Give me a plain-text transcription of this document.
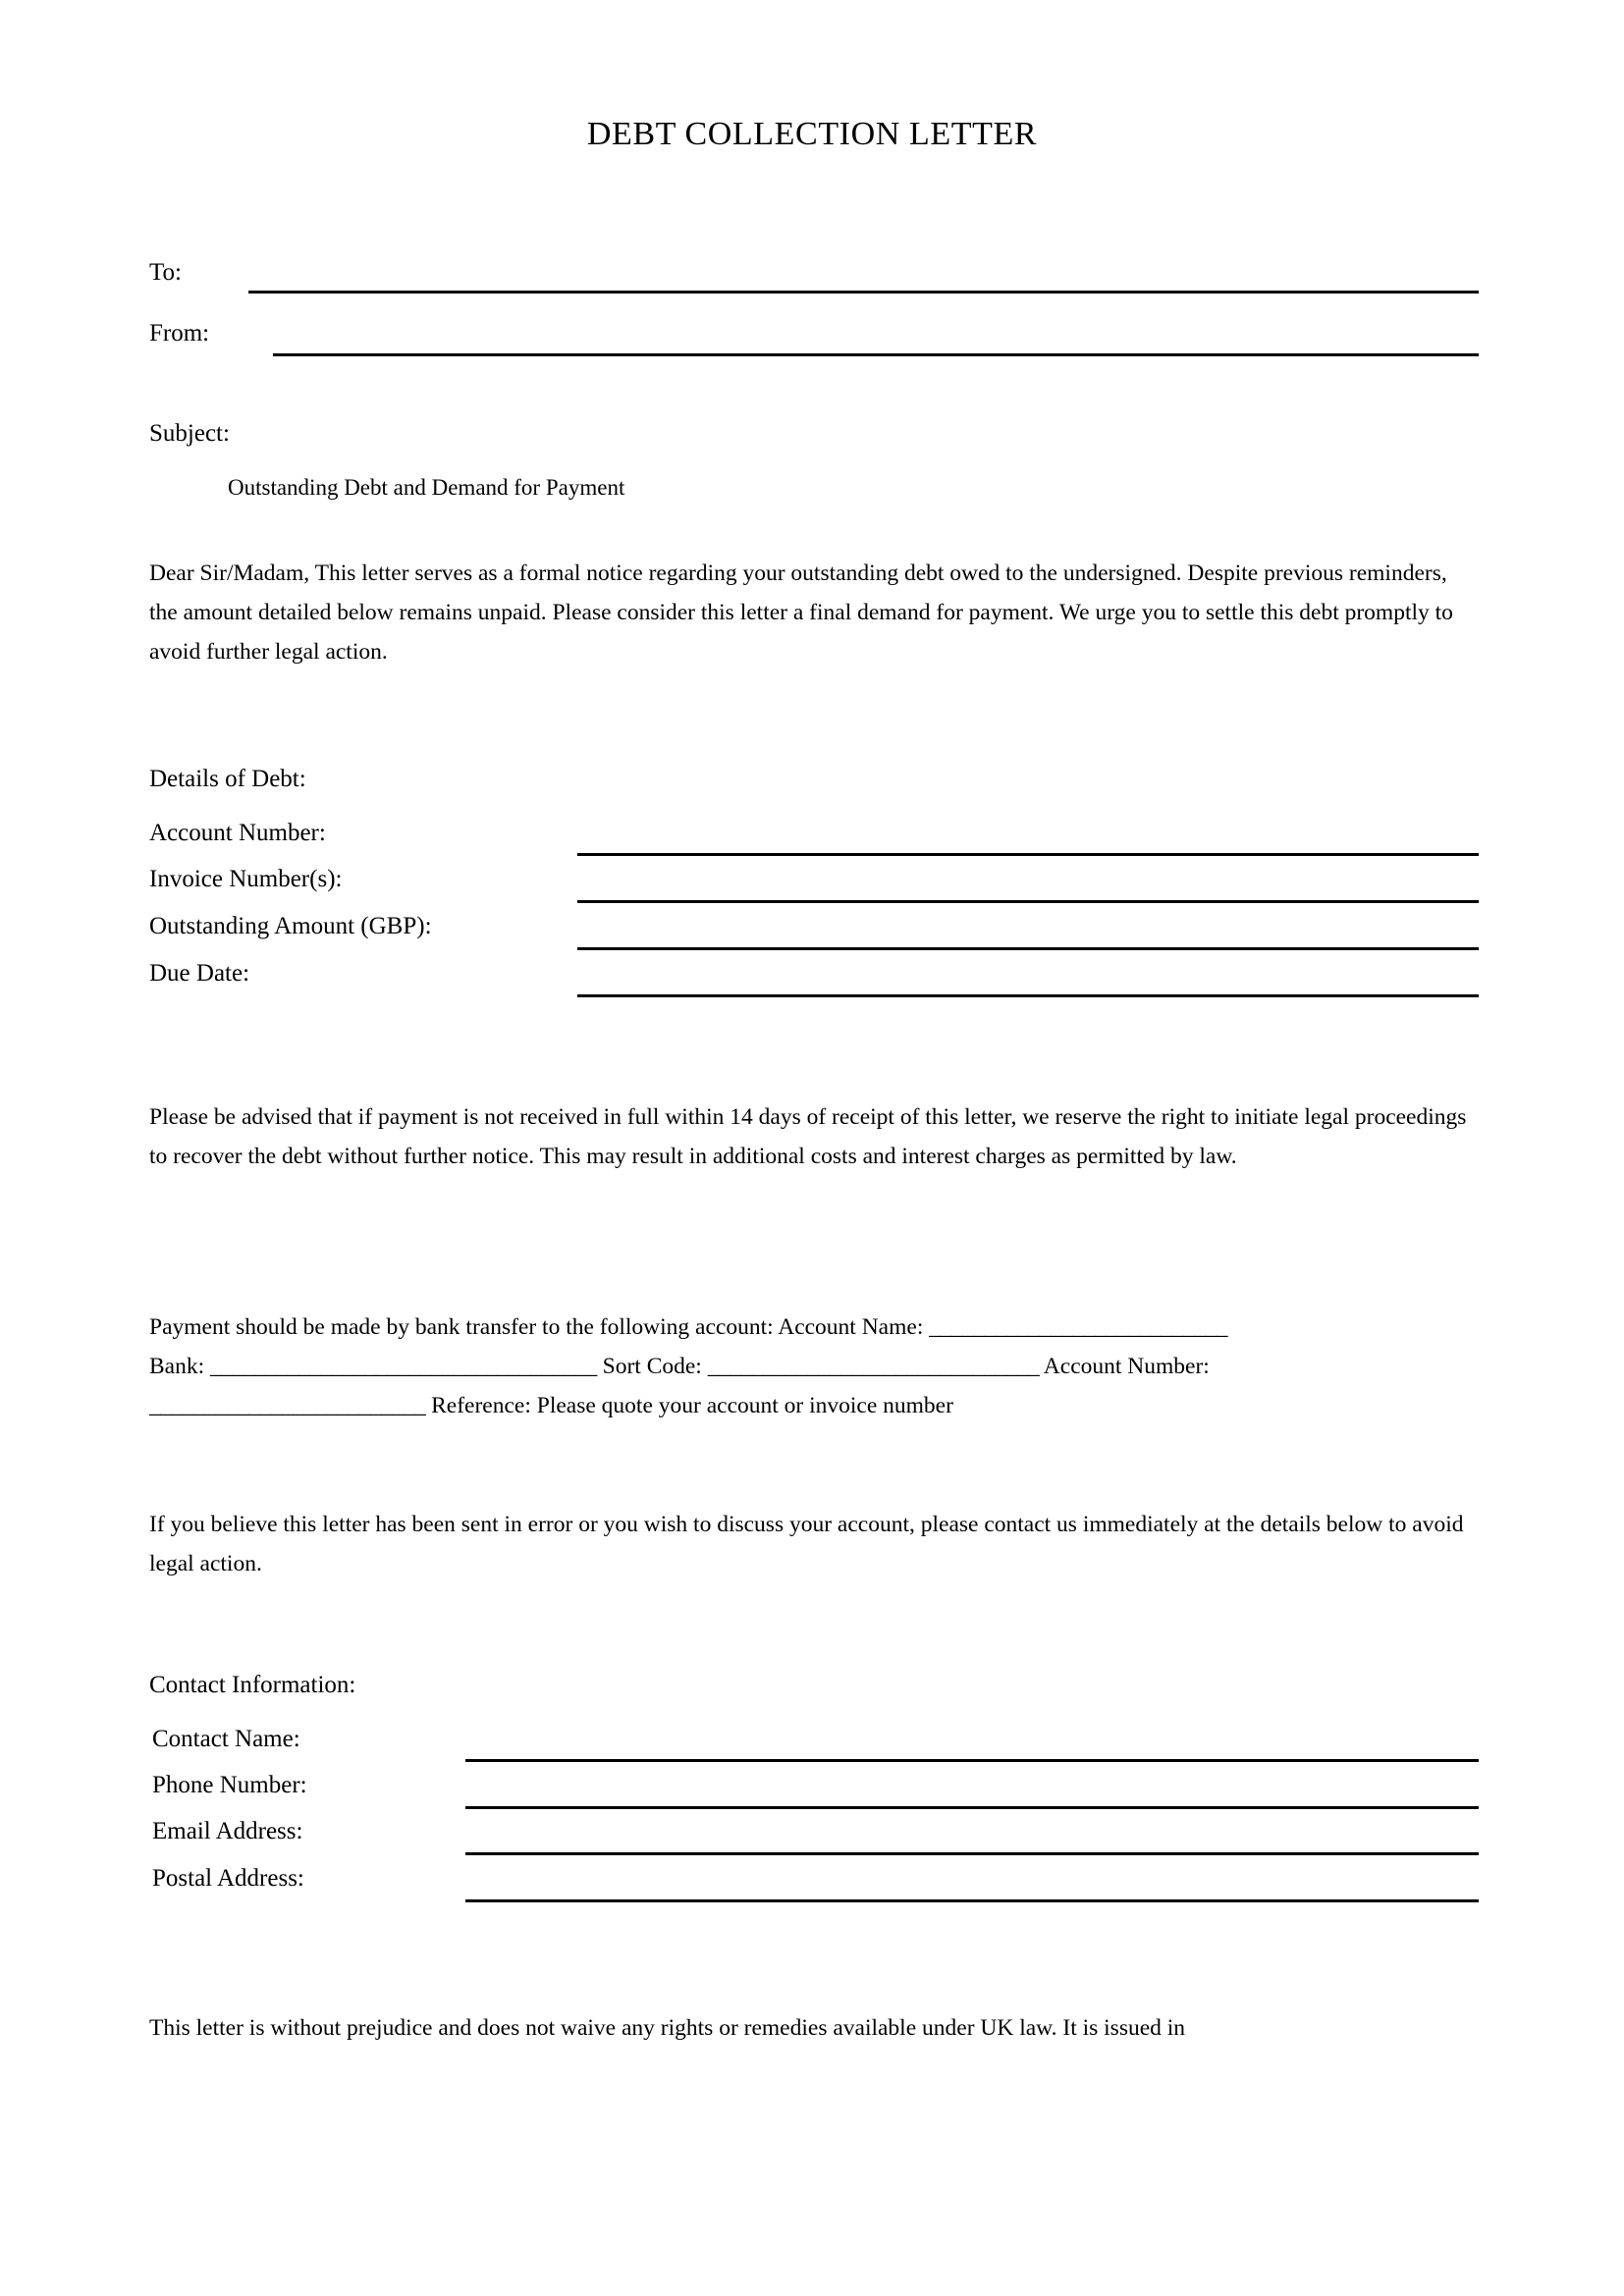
DEBT COLLECTION LETTER
To:
From:
Subject:
Outstanding Debt and Demand for Payment
Dear Sir/Madam, This letter serves as a formal notice regarding your outstanding debt owed to the undersigned. Despite previous reminders, the amount detailed below remains unpaid. Please consider this letter a final demand for payment. We urge you to settle this debt promptly to avoid further legal action.
Details of Debt:
Account Number:
Invoice Number(s):
Outstanding Amount (GBP):
Due Date:
Please be advised that if payment is not received in full within 14 days of receipt of this letter, we reserve the right to initiate legal proceedings to recover the debt without further notice. This may result in additional costs and interest charges as permitted by law.
Payment should be made by bank transfer to the following account: Account Name: ___________________________
Bank: ___________________________________ Sort Code: ______________________________ Account Number: _________________________ Reference: Please quote your account or invoice number
If you believe this letter has been sent in error or you wish to discuss your account, please contact us immediately at the details below to avoid legal action.
Contact Information:
Contact Name:
Phone Number:
Email Address:
Postal Address:
This letter is without prejudice and does not waive any rights or remedies available under UK law. It is issued in
